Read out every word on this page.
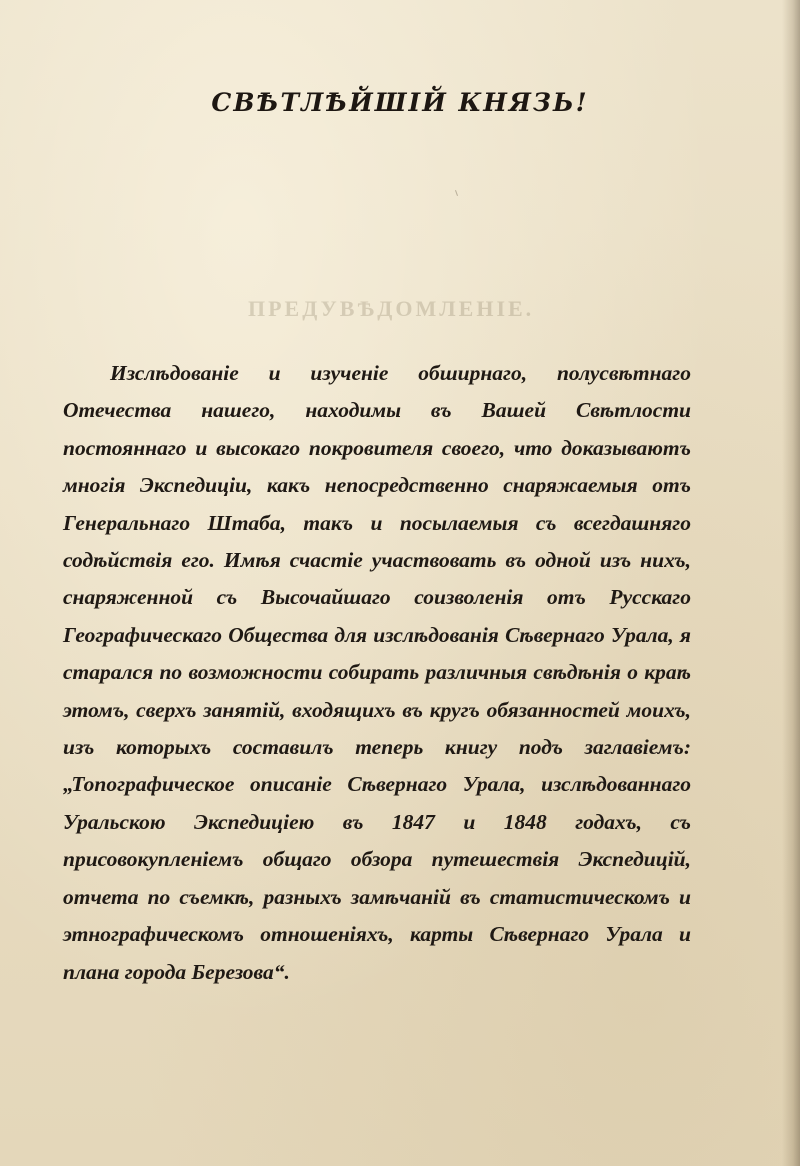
СВѢТЛѢЙШІЙ КНЯЗЬ!
ПРЕДУВѢДОМЛЕНІЕ.

Изслѣдованіе и изученіе обширнаго, полусвѣтнаго Отечества нашего, находимы въ Вашей Свѣтлости постояннаго и высокаго покровителя своего, что доказываютъ многія Экспедиціи, какъ непосредственно снаряжаемыя отъ Генеральнаго Штаба, такъ и посылаемыя съ всегдашняго содѣйствія его. Имѣя счастіе участвовать въ одной изъ нихъ, снаряженной съ Высочайшаго соизволенія отъ Русскаго Географическаго Общества для изслѣдованія Сѣвернаго Урала, я старался по возможности собирать различныя свѣдѣнія о краѣ этомъ, сверхъ занятій, входящихъ въ кругъ обязанностей моихъ, изъ которыхъ составилъ теперь книгу подъ заглавіемъ: „Топографическое описаніе Сѣвернаго Урала, изслѣдованнаго Уральскою Экспедиціею въ 1847 и 1848 годахъ, съ присовокупленіемъ общаго обзора путешествія Экспедицій, отчета по съемкѣ, разныхъ замѣчаній въ статистическомъ и этнографическомъ отношеніяхъ, карты Сѣвернаго Урала и плана города Березова“.
